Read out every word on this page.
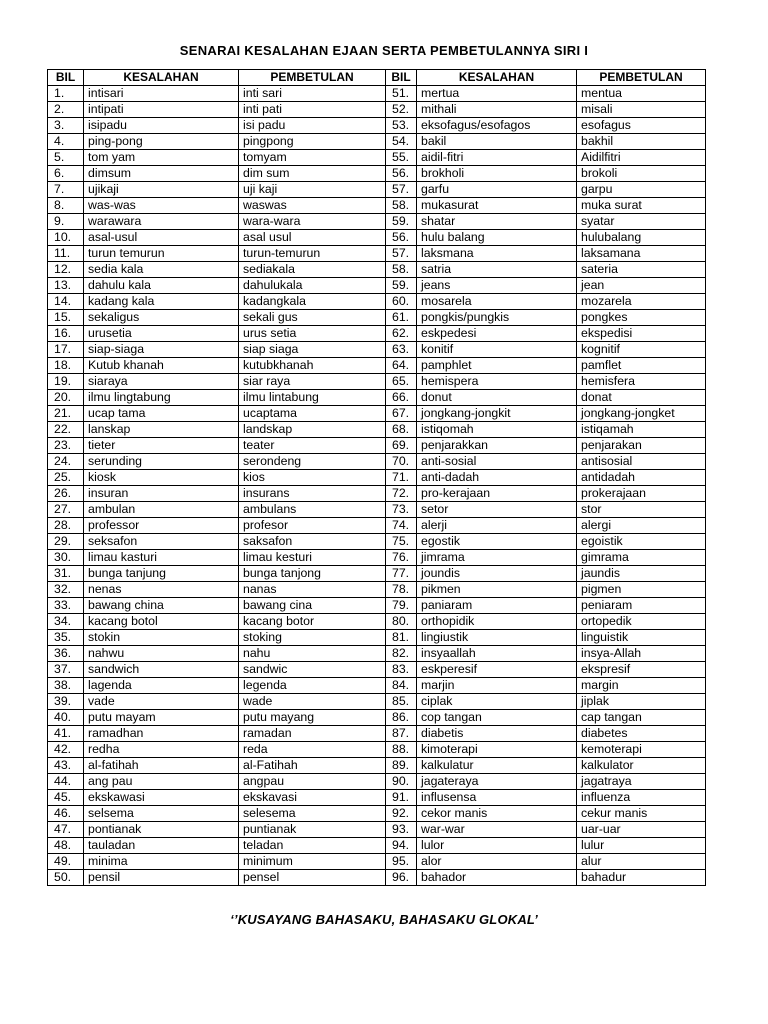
SENARAI KESALAHAN EJAAN SERTA PEMBETULANNYA SIRI I
BIL	KESALAHAN	PEMBETULAN	BIL	KESALAHAN	PEMBETULAN
1.	intisari	inti sari	51.	mertua	mentua
2.	intipati	inti pati	52.	mithali	misali
3.	isipadu	isi padu	53.	eksofagus/esofagos	esofagus
4.	ping-pong	pingpong	54.	bakil	bakhil
5.	tom yam	tomyam	55.	aidil-fitri	Aidilfitri
6.	dimsum	dim sum	56.	brokholi	brokoli
7.	ujikaji	uji kaji	57.	garfu	garpu
8.	was-was	waswas	58.	mukasurat	muka surat
9.	warawara	wara-wara	59.	shatar	syatar
10.	asal-usul	asal usul	56.	hulu balang	hulubalang
11.	turun temurun	turun-temurun	57.	laksmana	laksamana
12.	sedia kala	sediakala	58.	satria	sateria
13.	dahulu kala	dahulukala	59.	jeans	jean
14.	kadang kala	kadangkala	60.	mosarela	mozarela
15.	sekaligus	sekali gus	61.	pongkis/pungkis	pongkes
16.	urusetia	urus setia	62.	eskpedesi	ekspedisi
17.	siap-siaga	siap siaga	63.	konitif	kognitif
18.	Kutub khanah	kutubkhanah	64.	pamphlet	pamflet
19.	siaraya	siar raya	65.	hemispera	hemisfera
20.	ilmu lingtabung	ilmu lintabung	66.	donut	donat
21.	ucap tama	ucaptama	67.	jongkang-jongkit	jongkang-jongket
22.	lanskap	landskap	68.	istiqomah	istiqamah
23.	tieter	teater	69.	penjarakkan	penjarakan
24.	serunding	serondeng	70.	anti-sosial	antisosial
25.	kiosk	kios	71.	anti-dadah	antidadah
26.	insuran	insurans	72.	pro-kerajaan	prokerajaan
27.	ambulan	ambulans	73.	setor	stor
28.	professor	profesor	74.	alerji	alergi
29.	seksafon	saksafon	75.	egostik	egoistik
30.	limau kasturi	limau kesturi	76.	jimrama	gimrama
31.	bunga tanjung	bunga tanjong	77.	joundis	jaundis
32.	nenas	nanas	78.	pikmen	pigmen
33.	bawang china	bawang cina	79.	paniaram	peniaram
34.	kacang botol	kacang botor	80.	orthopidik	ortopedik
35.	stokin	stoking	81.	lingiustik	linguistik
36.	nahwu	nahu	82.	insyaallah	insya-Allah
37.	sandwich	sandwic	83.	eskperesif	ekspresif
38.	lagenda	legenda	84.	marjin	margin
39.	vade	wade	85.	ciplak	jiplak
40.	putu mayam	putu mayang	86.	cop tangan	cap tangan
41.	ramadhan	ramadan	87.	diabetis	diabetes
42.	redha	reda	88.	kimoterapi	kemoterapi
43.	al-fatihah	al-Fatihah	89.	kalkulatur	kalkulator
44.	ang pau	angpau	90.	jagateraya	jagatraya
45.	ekskawasi	ekskavasi	91.	influsensa	influenza
46.	selsema	selesema	92.	cekor manis	cekur manis
47.	pontianak	puntianak	93.	war-war	uar-uar
48.	tauladan	teladan	94.	lulor	lulur
49.	minima	minimum	95.	alor	alur
50.	pensil	pensel	96.	bahador	bahadur
‘’KUSAYANG BAHASAKU, BAHASAKU GLOKAL’
